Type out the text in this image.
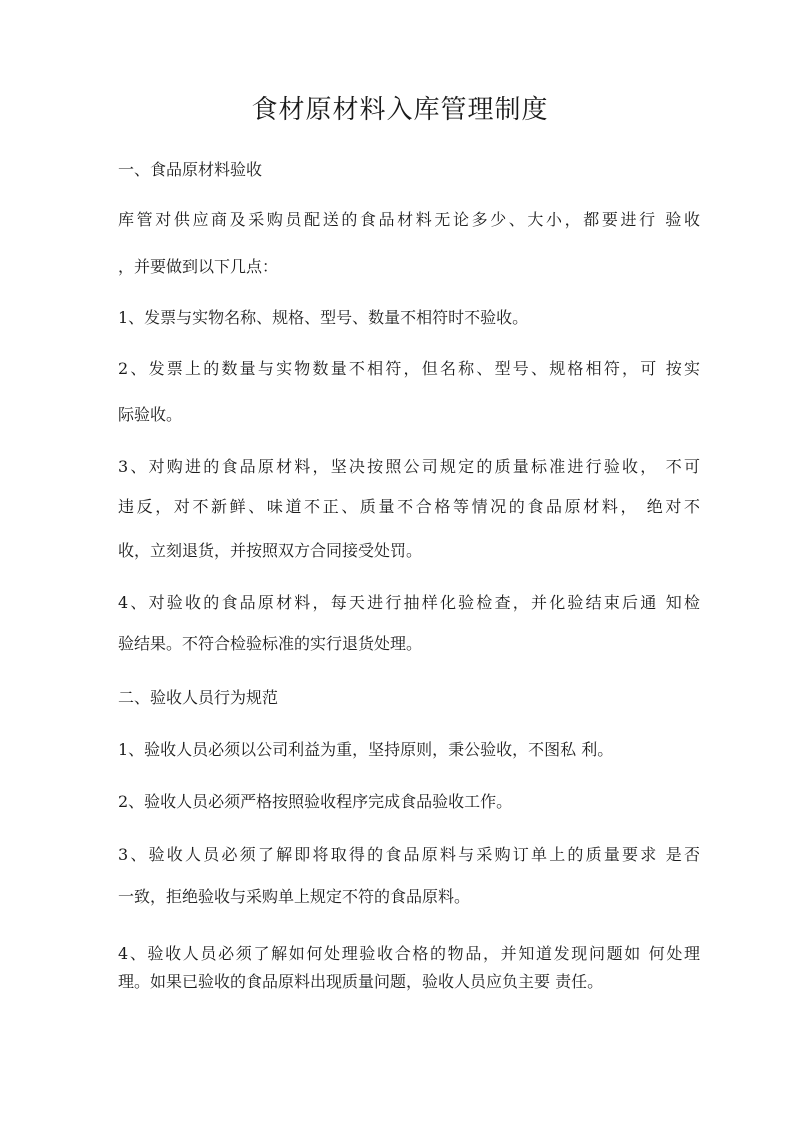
食材原材料入库管理制度

一、食品原材料验收

库管对供应商及采购员配送的食品材料无论多少、大小，都要进行 验收

，并要做到以下几点：

1、发票与实物名称、规格、型号、数量不相符时不验收。

2、发票上的数量与实物数量不相符，但名称、型号、规格相符，可 按实

际验收。

3、对购进的食品原材料，坚决按照公司规定的质量标准进行验收， 不可

违反，对不新鲜、味道不正、质量不合格等情况的食品原材料， 绝对不

收，立刻退货，并按照双方合同接受处罚。

4、对验收的食品原材料，每天进行抽样化验检查，并化验结束后通 知检

验结果。不符合检验标准的实行退货处理。

二、验收人员行为规范

1、验收人员必须以公司利益为重，坚持原则，秉公验收，不图私 利。

2、验收人员必须严格按照验收程序完成食品验收工作。

3、验收人员必须了解即将取得的食品原料与采购订单上的质量要求 是否

一致，拒绝验收与采购单上规定不符的食品原料。

4、验收人员必须了解如何处理验收合格的物品，并知道发现问题如 何处理

理。如果已验收的食品原料出现质量问题，验收人员应负主要 责任。
